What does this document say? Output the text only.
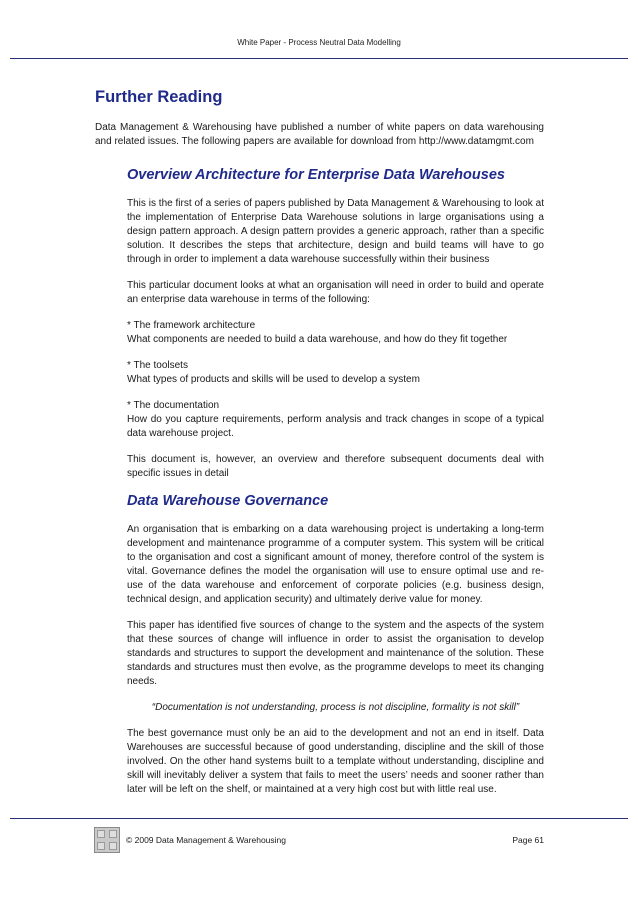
White Paper - Process Neutral Data Modelling
Further Reading

Data Management & Warehousing have published a number of white papers on data warehousing and related issues. The following papers are available for download from http://www.datamgmt.com

Overview Architecture for Enterprise Data Warehouses

This is the first of a series of papers published by Data Management & Warehousing to look at the implementation of Enterprise Data Warehouse solutions in large organisations using a design pattern approach. A design pattern provides a generic approach, rather than a specific solution. It describes the steps that architecture, design and build teams will have to go through in order to implement a data warehouse successfully within their business

This particular document looks at what an organisation will need in order to build and operate an enterprise data warehouse in terms of the following:

* The framework architecture
What components are needed to build a data warehouse, and how do they fit together

* The toolsets
What types of products and skills will be used to develop a system

* The documentation
How do you capture requirements, perform analysis and track changes in scope of a typical data warehouse project.

This document is, however, an overview and therefore subsequent documents deal with specific issues in detail

Data Warehouse Governance

An organisation that is embarking on a data warehousing project is undertaking a long-term development and maintenance programme of a computer system. This system will be critical to the organisation and cost a significant amount of money, therefore control of the system is vital. Governance defines the model the organisation will use to ensure optimal use and re-use of the data warehouse and enforcement of corporate policies (e.g. business design, technical design, and application security) and ultimately derive value for money.

This paper has identified five sources of change to the system and the aspects of the system that these sources of change will influence in order to assist the organisation to develop standards and structures to support the development and maintenance of the solution. These standards and structures must then evolve, as the programme develops to meet its changing needs.

“Documentation is not understanding, process is not discipline, formality is not skill”

The best governance must only be an aid to the development and not an end in itself. Data Warehouses are successful because of good understanding, discipline and the skill of those involved. On the other hand systems built to a template without understanding, discipline and skill will inevitably deliver a system that fails to meet the users’ needs and sooner rather than later will be left on the shelf, or maintained at a very high cost but with little real use.

© 2009 Data Management & Warehousing	Page 61
